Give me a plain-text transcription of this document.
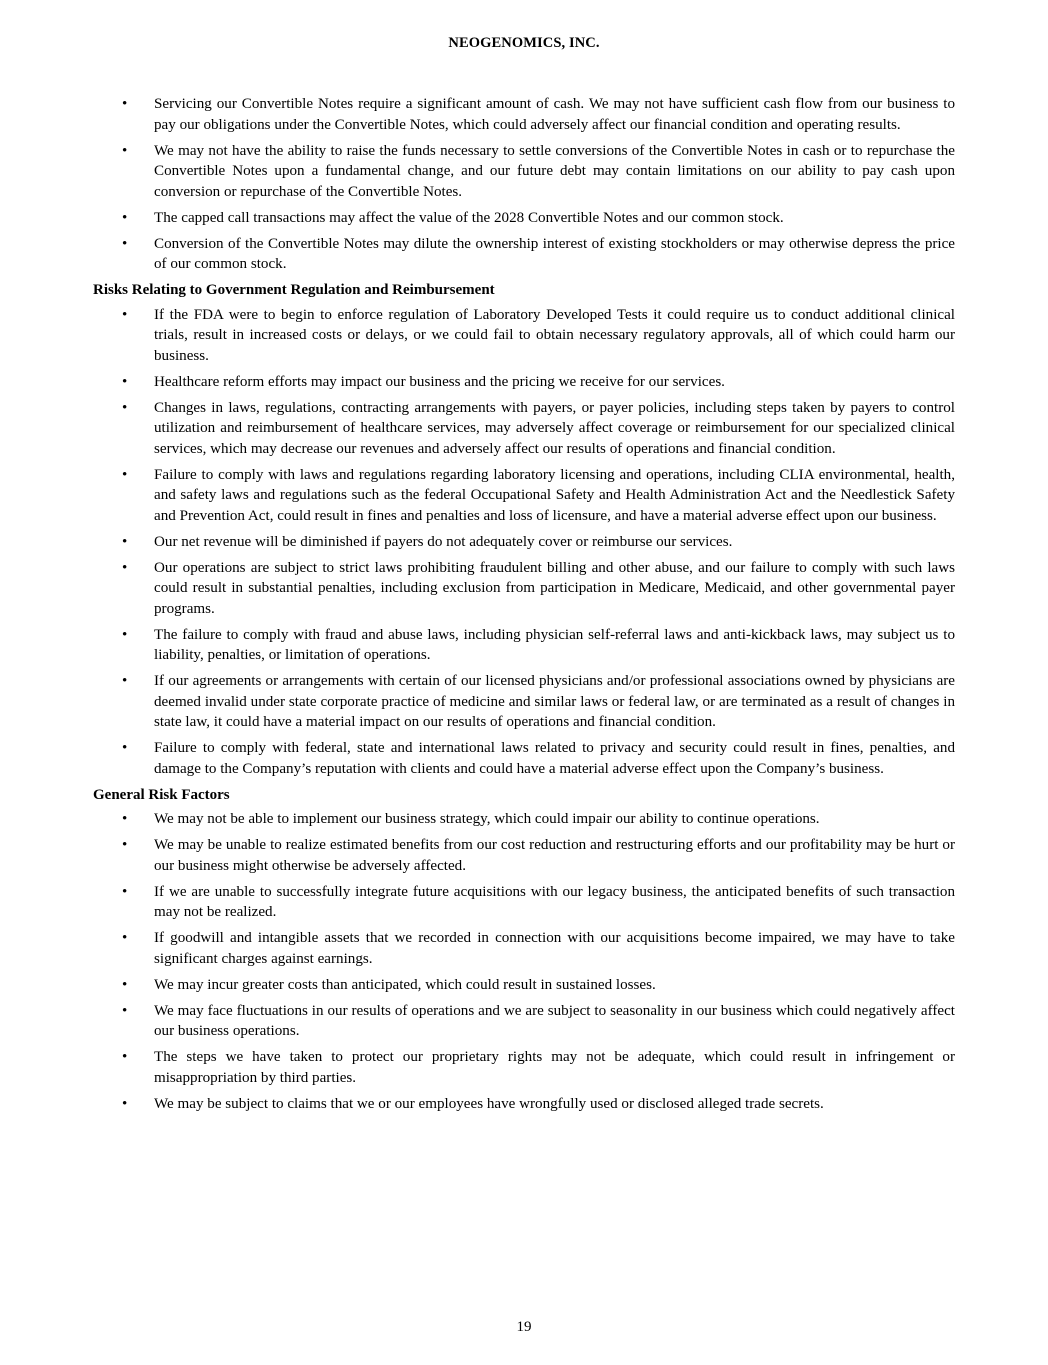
NEOGENOMICS, INC.
• Servicing our Convertible Notes require a significant amount of cash. We may not have sufficient cash flow from our business to pay our obligations under the Convertible Notes, which could adversely affect our financial condition and operating results.
• We may not have the ability to raise the funds necessary to settle conversions of the Convertible Notes in cash or to repurchase the Convertible Notes upon a fundamental change, and our future debt may contain limitations on our ability to pay cash upon conversion or repurchase of the Convertible Notes.
• The capped call transactions may affect the value of the 2028 Convertible Notes and our common stock.
• Conversion of the Convertible Notes may dilute the ownership interest of existing stockholders or may otherwise depress the price of our common stock.
Risks Relating to Government Regulation and Reimbursement
• If the FDA were to begin to enforce regulation of Laboratory Developed Tests it could require us to conduct additional clinical trials, result in increased costs or delays, or we could fail to obtain necessary regulatory approvals, all of which could harm our business.
• Healthcare reform efforts may impact our business and the pricing we receive for our services.
• Changes in laws, regulations, contracting arrangements with payers, or payer policies, including steps taken by payers to control utilization and reimbursement of healthcare services, may adversely affect coverage or reimbursement for our specialized clinical services, which may decrease our revenues and adversely affect our results of operations and financial condition.
• Failure to comply with laws and regulations regarding laboratory licensing and operations, including CLIA environmental, health, and safety laws and regulations such as the federal Occupational Safety and Health Administration Act and the Needlestick Safety and Prevention Act, could result in fines and penalties and loss of licensure, and have a material adverse effect upon our business.
• Our net revenue will be diminished if payers do not adequately cover or reimburse our services.
• Our operations are subject to strict laws prohibiting fraudulent billing and other abuse, and our failure to comply with such laws could result in substantial penalties, including exclusion from participation in Medicare, Medicaid, and other governmental payer programs.
• The failure to comply with fraud and abuse laws, including physician self-referral laws and anti-kickback laws, may subject us to liability, penalties, or limitation of operations.
• If our agreements or arrangements with certain of our licensed physicians and/or professional associations owned by physicians are deemed invalid under state corporate practice of medicine and similar laws or federal law, or are terminated as a result of changes in state law, it could have a material impact on our results of operations and financial condition.
• Failure to comply with federal, state and international laws related to privacy and security could result in fines, penalties, and damage to the Company’s reputation with clients and could have a material adverse effect upon the Company’s business.
General Risk Factors
• We may not be able to implement our business strategy, which could impair our ability to continue operations.
• We may be unable to realize estimated benefits from our cost reduction and restructuring efforts and our profitability may be hurt or our business might otherwise be adversely affected.
• If we are unable to successfully integrate future acquisitions with our legacy business, the anticipated benefits of such transaction may not be realized.
• If goodwill and intangible assets that we recorded in connection with our acquisitions become impaired, we may have to take significant charges against earnings.
• We may incur greater costs than anticipated, which could result in sustained losses.
• We may face fluctuations in our results of operations and we are subject to seasonality in our business which could negatively affect our business operations.
• The steps we have taken to protect our proprietary rights may not be adequate, which could result in infringement or misappropriation by third parties.
• We may be subject to claims that we or our employees have wrongfully used or disclosed alleged trade secrets.
19
